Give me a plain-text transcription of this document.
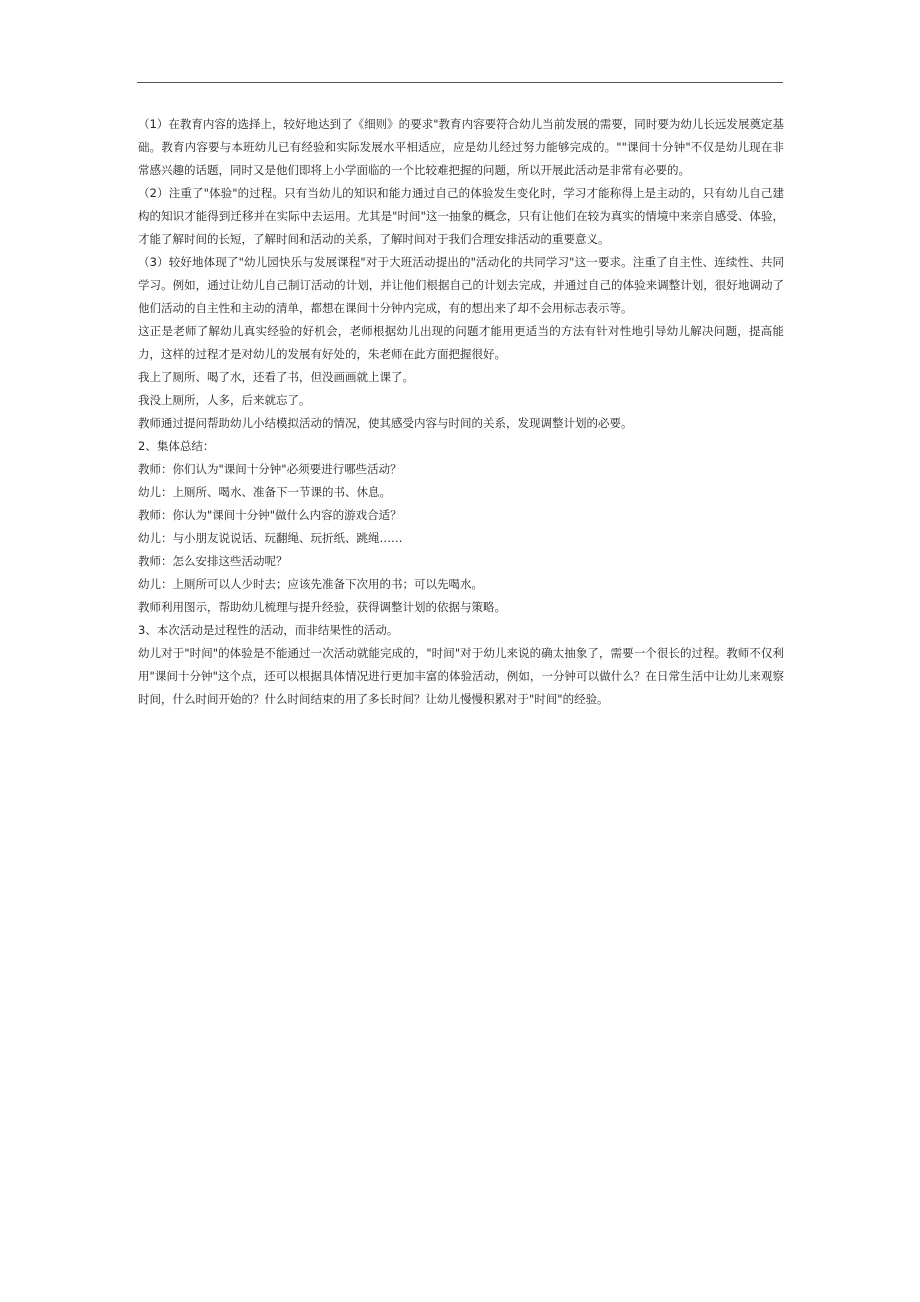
（1）在教育内容的选择上，较好地达到了《细则》的要求"教育内容要符合幼儿当前发展的需要，同时要为幼儿长远发展奠定基础。教育内容要与本班幼儿已有经验和实际发展水平相适应，应是幼儿经过努力能够完成的。""课间十分钟"不仅是幼儿现在非常感兴趣的话题，同时又是他们即将上小学面临的一个比较难把握的问题，所以开展此活动是非常有必要的。

（2）注重了"体验"的过程。只有当幼儿的知识和能力通过自己的体验发生变化时，学习才能称得上是主动的，只有幼儿自己建构的知识才能得到迁移并在实际中去运用。尤其是"时间"这一抽象的概念，只有让他们在较为真实的情境中来亲自感受、体验，才能了解时间的长短，了解时间和活动的关系，了解时间对于我们合理安排活动的重要意义。

（3）较好地体现了"幼儿园快乐与发展课程"对于大班活动提出的"活动化的共同学习"这一要求。注重了自主性、连续性、共同学习。例如，通过让幼儿自己制订活动的计划，并让他们根据自己的计划去完成，并通过自己的体验来调整计划，很好地调动了他们活动的自主性和主动的清单，都想在课间十分钟内完成，有的想出来了却不会用标志表示等。

这正是老师了解幼儿真实经验的好机会，老师根据幼儿出现的问题才能用更适当的方法有针对性地引导幼儿解决问题，提高能力，这样的过程才是对幼儿的发展有好处的，朱老师在此方面把握很好。

我上了厕所、喝了水，还看了书，但没画画就上课了。

我没上厕所，人多，后来就忘了。

教师通过提问帮助幼儿小结模拟活动的情况，使其感受内容与时间的关系，发现调整计划的必要。

2、集体总结：

教师：你们认为"课间十分钟"必须要进行哪些活动？

幼儿：上厕所、喝水、准备下一节课的书、休息。

教师：你认为"课间十分钟"做什么内容的游戏合适？

幼儿：与小朋友说说话、玩翻绳、玩折纸、跳绳……

教师：怎么安排这些活动呢？

幼儿：上厕所可以人少时去；应该先准备下次用的书；可以先喝水。

教师利用图示，帮助幼儿梳理与提升经验，获得调整计划的依据与策略。

3、本次活动是过程性的活动，而非结果性的活动。

幼儿对于"时间"的体验是不能通过一次活动就能完成的，"时间"对于幼儿来说的确太抽象了，需要一个很长的过程。教师不仅利用"课间十分钟"这个点，还可以根据具体情况进行更加丰富的体验活动，例如，一分钟可以做什么？在日常生活中让幼儿来观察时间，什么时间开始的？什么时间结束的用了多长时间？让幼儿慢慢积累对于"时间"的经验。
